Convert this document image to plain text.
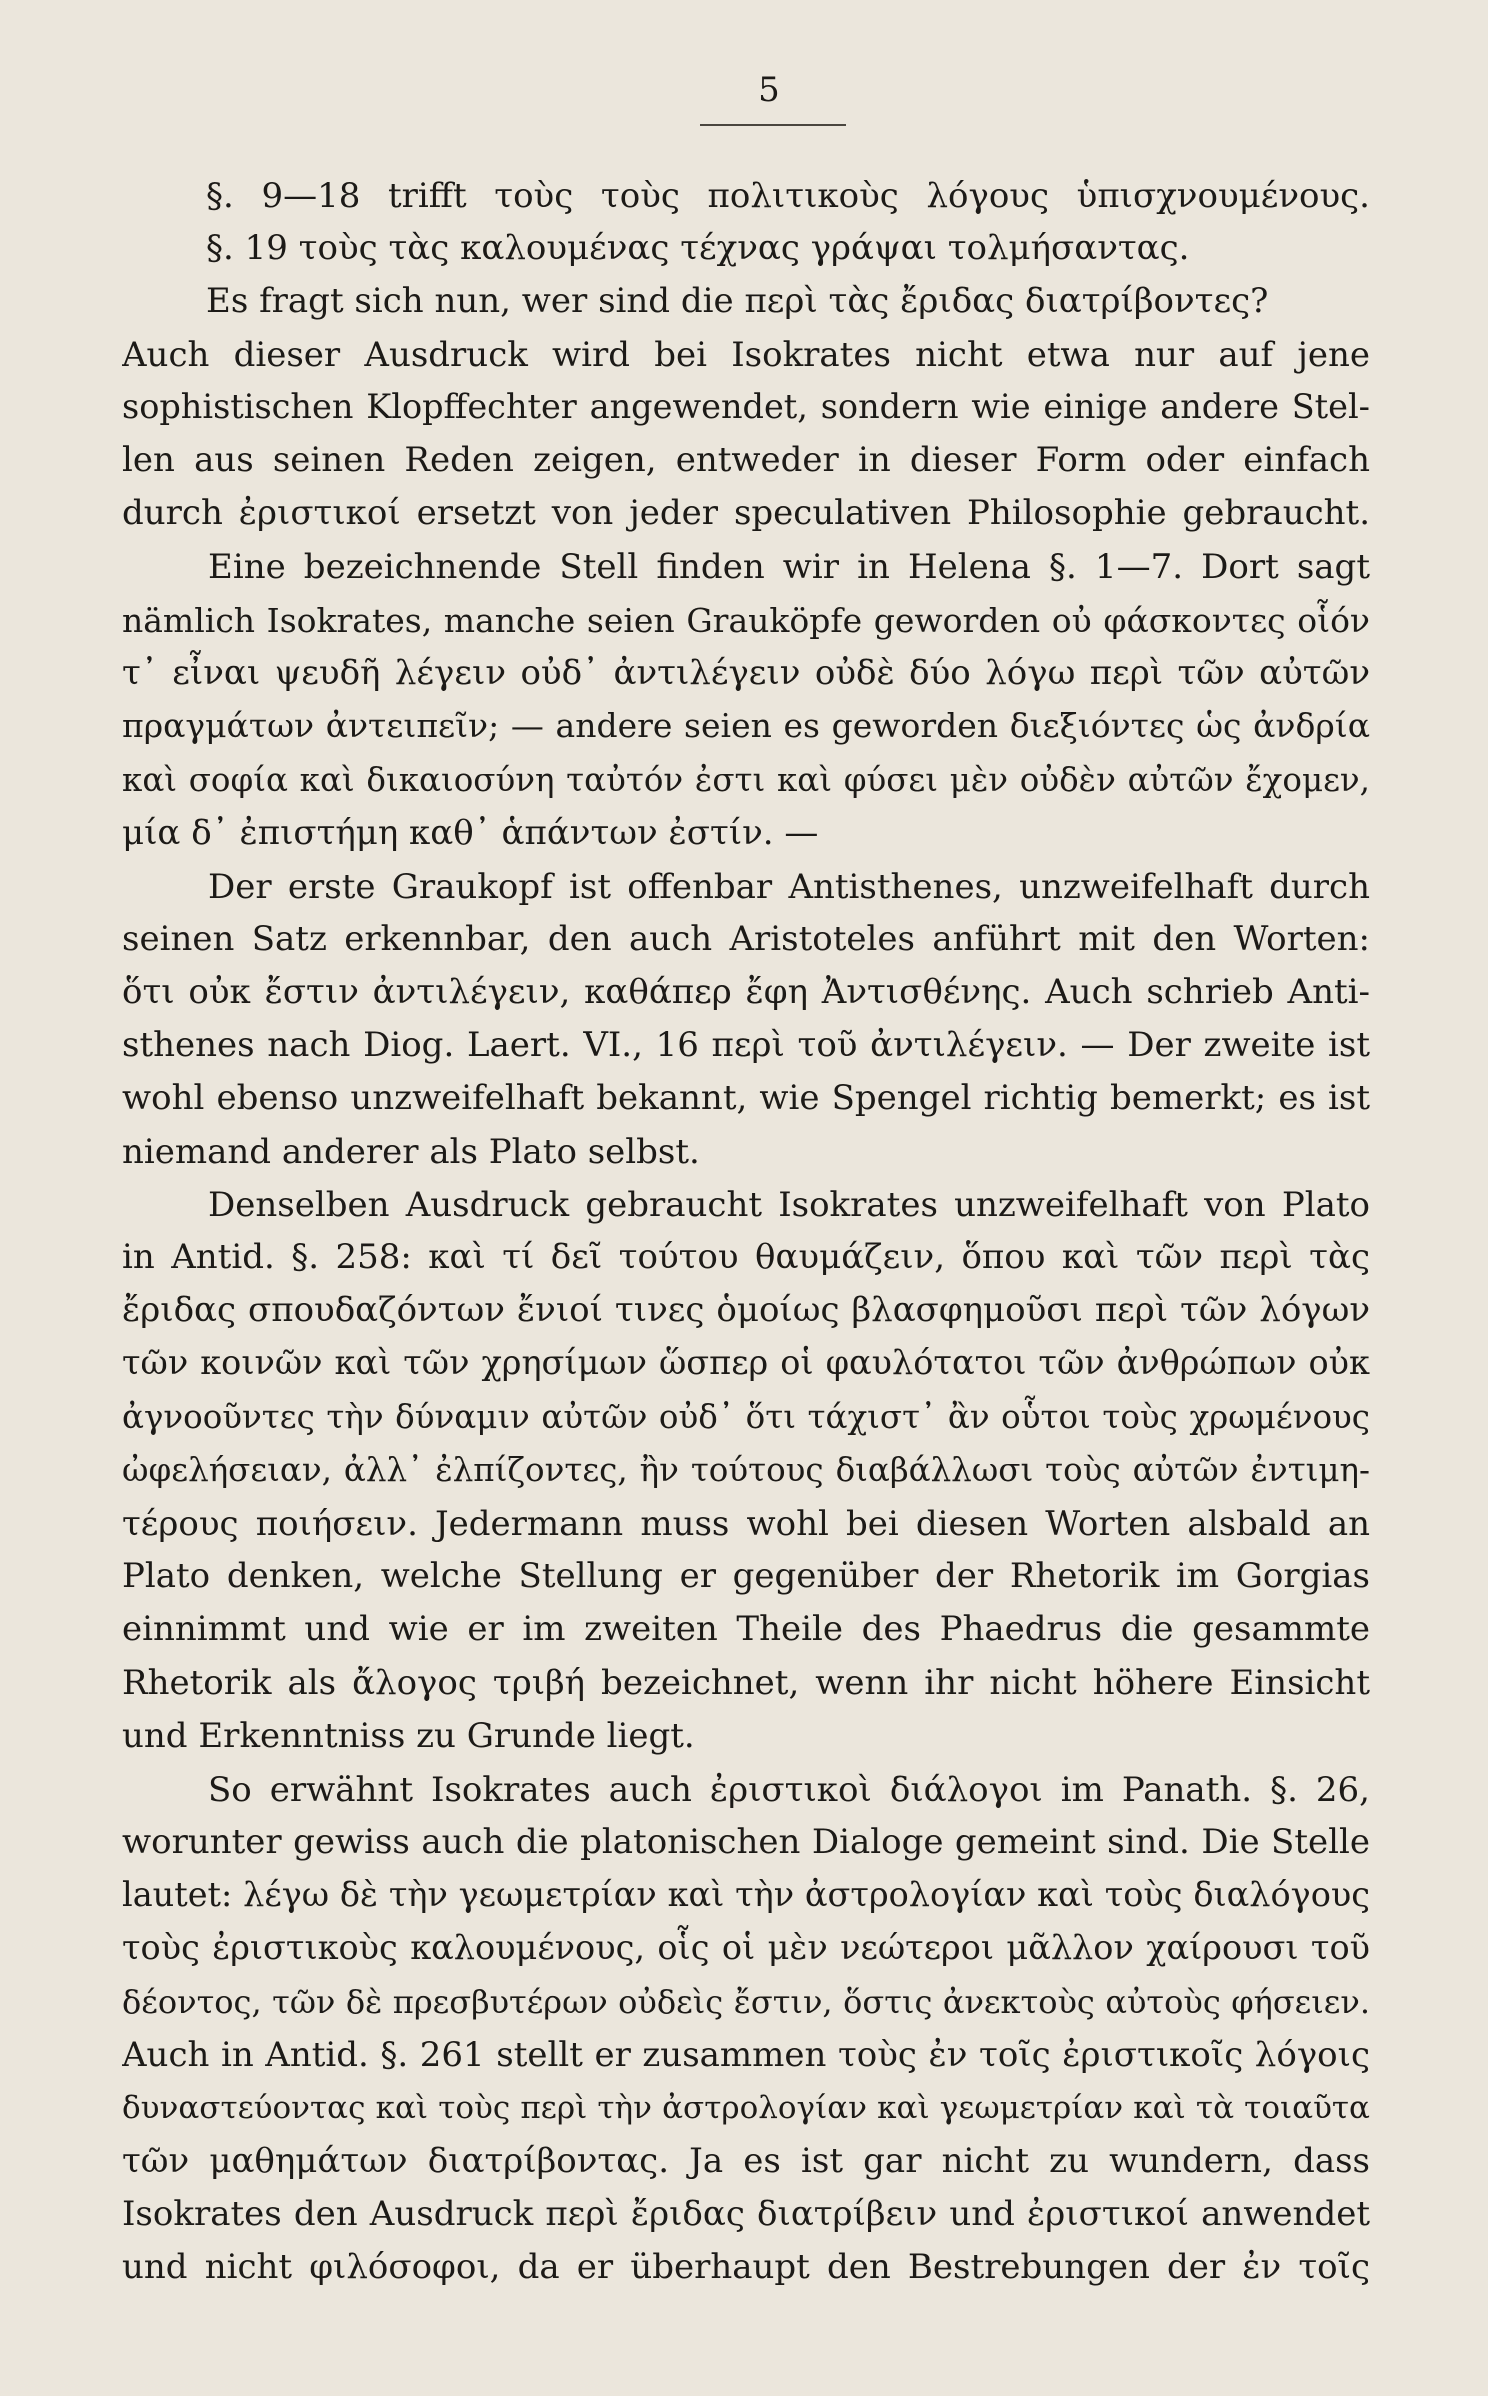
5
§. 9—18 trifft τοὺς τοὺς πολιτικοὺς λόγους ὑπισχνουμένους.
§. 19 τοὺς τὰς καλουμένας τέχνας γράψαι τολμήσαντας.
Es fragt sich nun, wer sind die περὶ τὰς ἔριδας διατρίβοντες?
Auch dieser Ausdruck wird bei Isokrates nicht etwa nur auf jene
sophistischen Klopffechter angewendet, sondern wie einige andere Stel-
len aus seinen Reden zeigen, entweder in dieser Form oder einfach
durch ἐριστικοί ersetzt von jeder speculativen Philosophie gebraucht.
Eine bezeichnende Stell finden wir in Helena §. 1—7. Dort sagt
nämlich Isokrates, manche seien Grauköpfe geworden οὐ φάσκοντες οἷόν
τ᾽ εἶναι ψευδῆ λέγειν οὐδ᾽ ἀντιλέγειν οὐδὲ δύο λόγω περὶ τῶν αὐτῶν
πραγμάτων ἀντειπεῖν; — andere seien es geworden διεξιόντες ὡς ἀνδρία
καὶ σοφία καὶ δικαιοσύνη ταὐτόν ἐστι καὶ φύσει μὲν οὐδὲν αὐτῶν ἔχομεν,
μία δ᾽ ἐπιστήμη καθ᾽ ἁπάντων ἐστίν. —
Der erste Graukopf ist offenbar Antisthenes, unzweifelhaft durch
seinen Satz erkennbar, den auch Aristoteles anführt mit den Worten:
ὅτι οὐκ ἔστιν ἀντιλέγειν, καθάπερ ἔφη Ἀντισθένης. Auch schrieb Anti-
sthenes nach Diog. Laert. VI., 16 περὶ τοῦ ἀντιλέγειν. — Der zweite ist
wohl ebenso unzweifelhaft bekannt, wie Spengel richtig bemerkt; es ist
niemand anderer als Plato selbst.
Denselben Ausdruck gebraucht Isokrates unzweifelhaft von Plato
in Antid. §. 258: καὶ τί δεῖ τούτου θαυμάζειν, ὅπου καὶ τῶν περὶ τὰς
ἔριδας σπουδαζόντων ἔνιοί τινες ὁμοίως βλασφημοῦσι περὶ τῶν λόγων
τῶν κοινῶν καὶ τῶν χρησίμων ὥσπερ οἱ φαυλότατοι τῶν ἀνθρώπων οὐκ
ἀγνοοῦντες τὴν δύναμιν αὐτῶν οὐδ᾽ ὅτι τάχιστ᾽ ἂν οὗτοι τοὺς χρωμένους
ὠφελήσειαν, ἀλλ᾽ ἐλπίζοντες, ἢν τούτους διαβάλλωσι τοὺς αὐτῶν ἐντιμη-
τέρους ποιήσειν. Jedermann muss wohl bei diesen Worten alsbald an
Plato denken, welche Stellung er gegenüber der Rhetorik im Gorgias
einnimmt und wie er im zweiten Theile des Phaedrus die gesammte
Rhetorik als ἄλογος τριβή bezeichnet, wenn ihr nicht höhere Einsicht
und Erkenntniss zu Grunde liegt.
So erwähnt Isokrates auch ἐριστικοὶ διάλογοι im Panath. §. 26,
worunter gewiss auch die platonischen Dialoge gemeint sind. Die Stelle
lautet: λέγω δὲ τὴν γεωμετρίαν καὶ τὴν ἀστρολογίαν καὶ τοὺς διαλόγους
τοὺς ἐριστικοὺς καλουμένους, οἷς οἱ μὲν νεώτεροι μᾶλλον χαίρουσι τοῦ
δέοντος, τῶν δὲ πρεσβυτέρων οὐδεὶς ἔστιν, ὅστις ἀνεκτοὺς αὐτοὺς φήσειεν.
Auch in Antid. §. 261 stellt er zusammen τοὺς ἐν τοῖς ἐριστικοῖς λόγοις
δυναστεύοντας καὶ τοὺς περὶ τὴν ἀστρολογίαν καὶ γεωμετρίαν καὶ τὰ τοιαῦτα
τῶν μαθημάτων διατρίβοντας. Ja es ist gar nicht zu wundern, dass
Isokrates den Ausdruck περὶ ἔριδας διατρίβειν und ἐριστικοί anwendet
und nicht φιλόσοφοι, da er überhaupt den Bestrebungen der ἐν τοῖς
